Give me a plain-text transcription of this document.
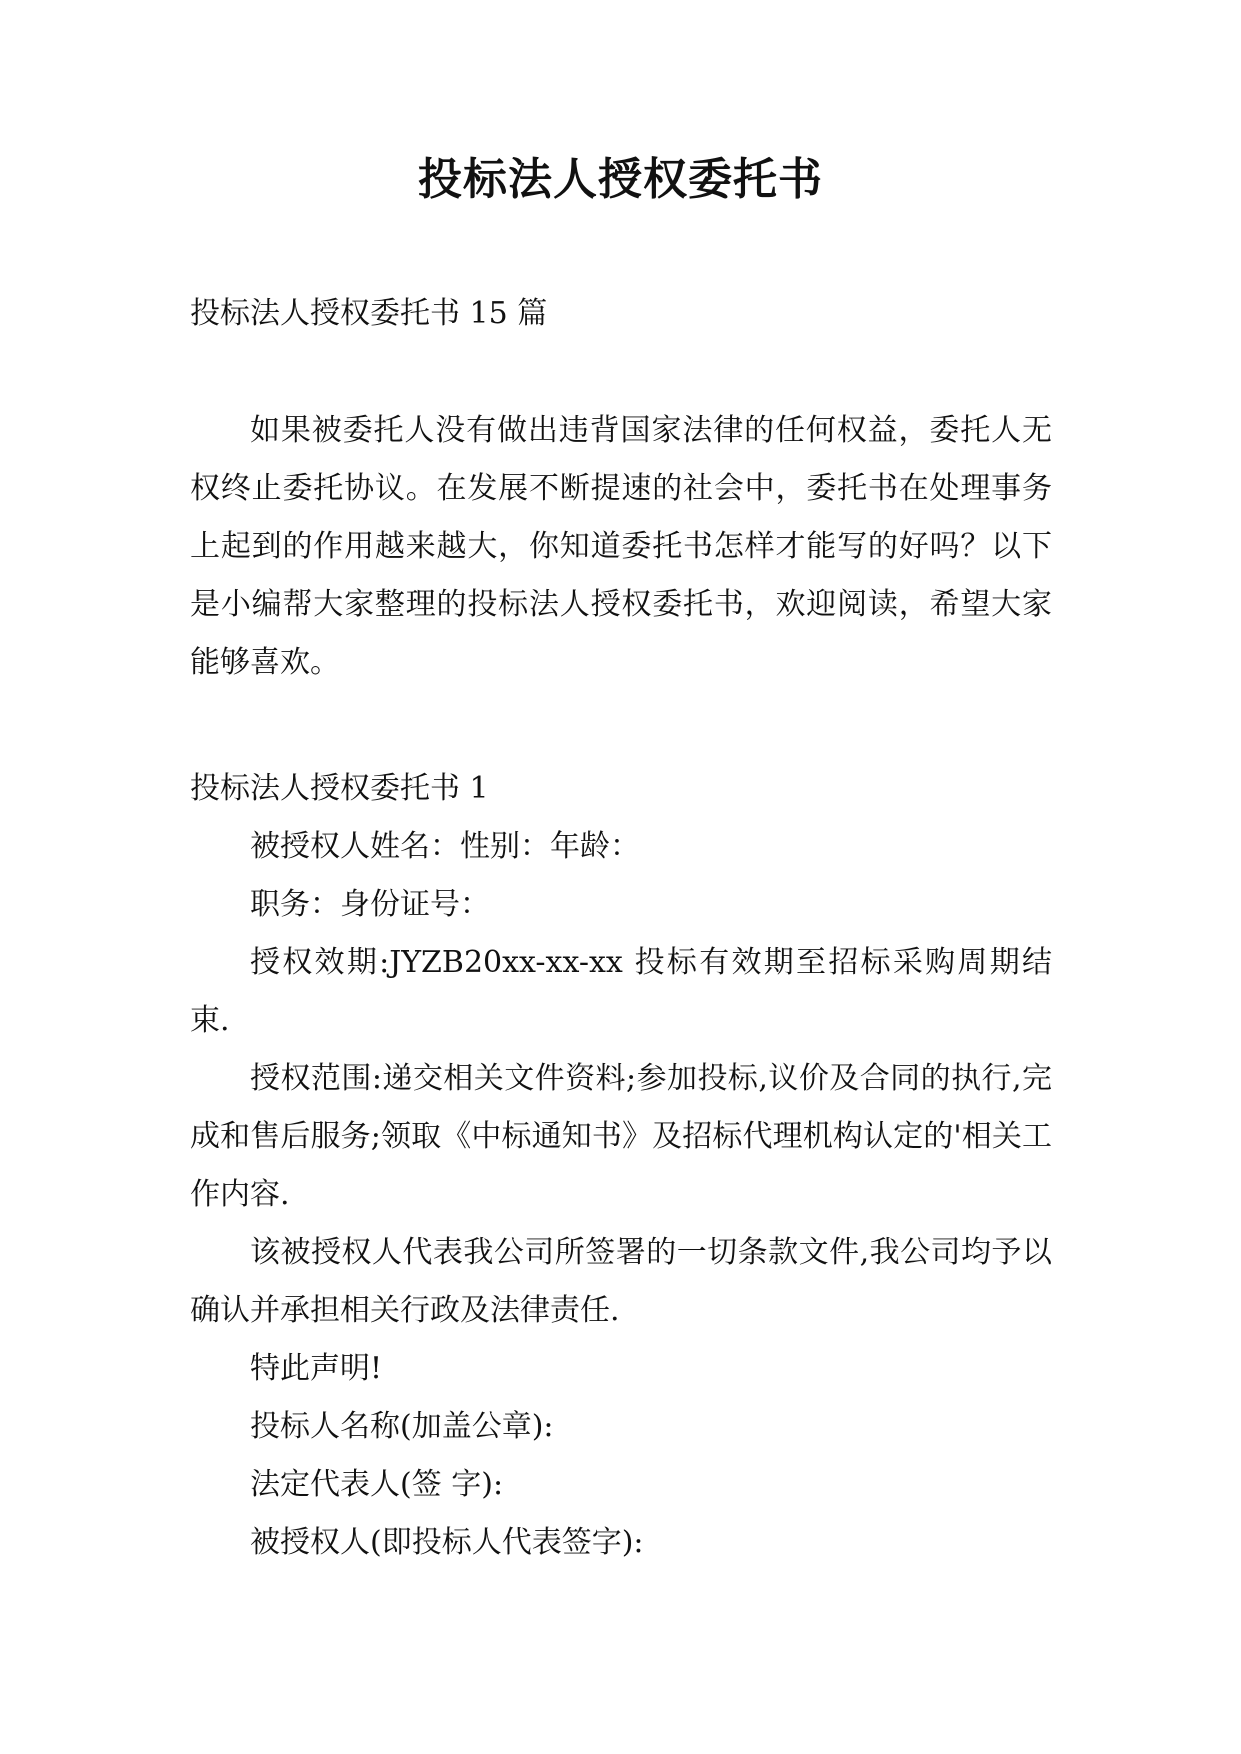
投标法人授权委托书

投标法人授权委托书 15 篇

如果被委托人没有做出违背国家法律的任何权益，委托人无权终止委托协议。在发展不断提速的社会中，委托书在处理事务上起到的作用越来越大，你知道委托书怎样才能写的好吗？以下是小编帮大家整理的投标法人授权委托书，欢迎阅读，希望大家能够喜欢。

投标法人授权委托书 1

被授权人姓名：性别：年龄：

职务：身份证号：

授权效期:JYZB20xx-xx-xx 投标有效期至招标采购周期结束.

授权范围:递交相关文件资料;参加投标,议价及合同的执行,完成和售后服务;领取《中标通知书》及招标代理机构认定的'相关工作内容.

该被授权人代表我公司所签署的一切条款文件,我公司均予以确认并承担相关行政及法律责任.

特此声明!

投标人名称(加盖公章):

法定代表人(签 字):

被授权人(即投标人代表签字):
